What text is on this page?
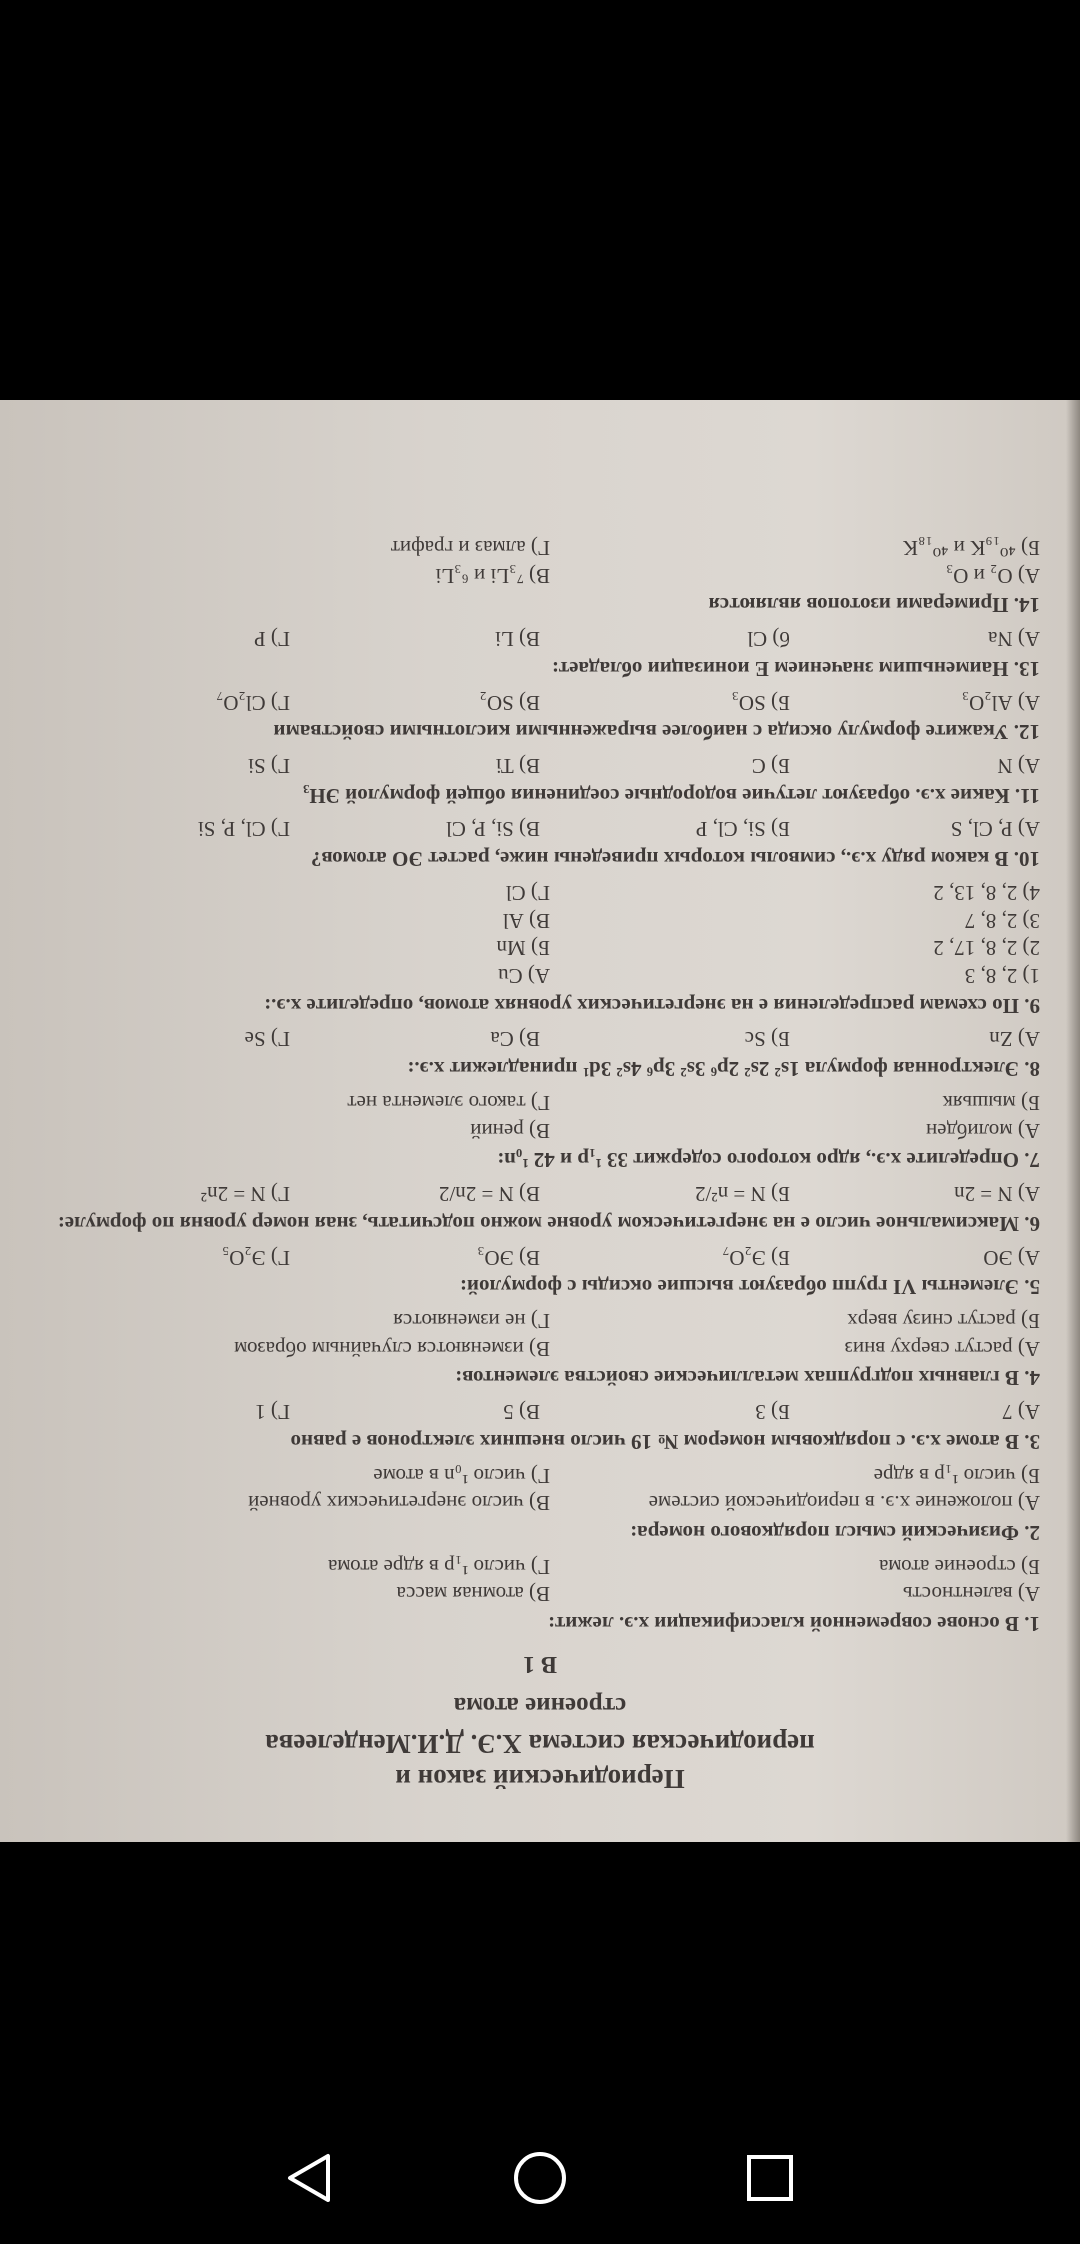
Периодический закон и
периодическая система Х.Э. Д.И.Менделеева
строение атома
В 1
1. В основе современной классификации х.э. лежит:
А) валентность
В) атомная масса
Б) строение атома
Г) число ¹₁p в ядре атома
2. Физический смысл порядкового номера:
А) положение х.э. в периодической системе
В) число энергетических уровней
Б) число ¹₁p в ядре
Г) число ¹₀n в атоме
3. В атоме х.э. с порядковым номером № 19 число внешних электронов е равно
А) 7
Б) 3
В) 5
Г) 1
4. В главных подгруппах металлические свойства элементов:
А) растут сверху вниз
В) изменяются случайным образом
Б) растут снизу вверх
Г) не изменяются
5. Элементы VI групп образуют высшие оксиды с формулой:
А) ЭО
Б) Э₂О₇
В) ЭО₃
Г) Э₂О₅
6. Максимальное число е на энергетическом уровне можно подсчитать, зная номер уровня по формуле:
А) N = 2n
Б) N = n²/2
В) N = 2n/2
Г) N = 2n²
7. Определите х.э., ядро которого содержит 33 ¹₁p и 42 ¹₀n:
А) молибден
В) рений
Б) мышьяк
Г) такого элемента нет
8. Электронная формула 1s² 2s² 2p⁶ 3s² 3p⁶ 4s² 3d¹ принадлежит х.э.:
А) Zn
Б) Sc
В) Ca
Г) Se
9. По схемам распределения е на энергетических уровнях атомов, определите х.э.:
1) 2, 8, 3
А) Cu
2) 2, 8, 17, 2
Б) Mn
3) 2, 8, 7
В) Al
4) 2, 8, 13, 2
Г) Cl
10. В каком ряду х.э., символы которых приведены ниже, растет ЭО атомов?
А) P, Cl, S
Б) Si, Cl, P
В) Si, P, Cl
Г) Cl, P, Si
11. Какие х.э. образуют летучие водородные соединения общей формулой ЭН₃
А) N
Б) C
В) Ti
Г) Si
12. Укажите формулу оксида с наиболее выраженными кислотными свойствами
А) Al₂O₃
Б) SO₃
В) SO₂
Г) Cl₂O₇
13. Наименьшим значением Е ионизации обладает:
А) Na
б) Cl
В) Li
Г) P
14. Примерами изотопов являются
А) O₂ и O₃
В) ⁷₃Li и ⁶₃Li
Б) ⁴⁰₁₉K и ⁴⁰₁₈K
Г) алмаз и графит
